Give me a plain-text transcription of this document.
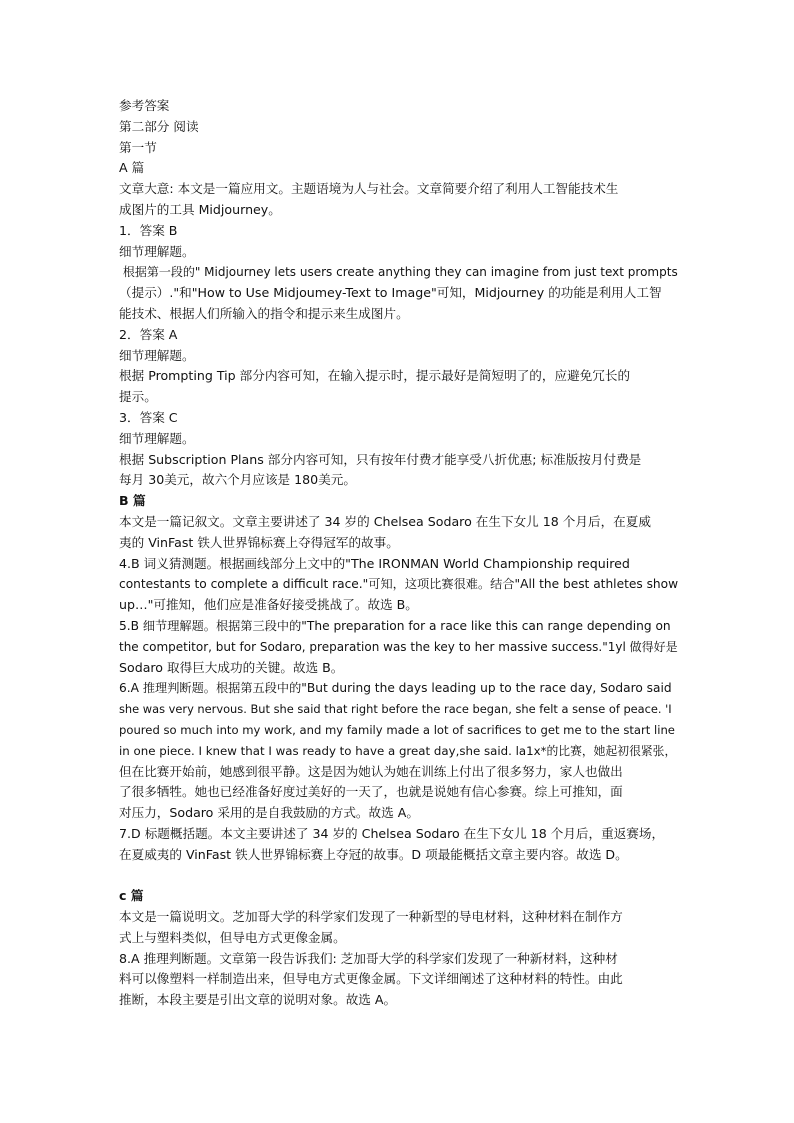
参考答案
第二部分 阅读
第一节
A 篇
文章大意: 本文是一篇应用文。主题语境为人与社会。文章简要介绍了利用人工智能技术生
成图片的工具 Midjourney。
1．答案 B
细节理解题。
根据第一段的" Midjourney lets users create anything they can imagine from just text prompts
（提示）."和"How to Use Midjoumey-Text to Image"可知，Midjourney 的功能是利用人工智
能技术、根据人们所输入的指令和提示来生成图片。
2．答案 A
细节理解题。
根据 Prompting Tip 部分内容可知，在输入提示时，提示最好是简短明了的，应避免冗长的
提示。
3．答案 C
细节理解题。
根据 Subscription Plans 部分内容可知，只有按年付费才能享受八折优惠; 标准版按月付费是
每月 30美元，故六个月应该是 180美元。
B 篇
本文是一篇记叙文。文章主要讲述了 34 岁的 Chelsea Sodaro 在生下女儿 18 个月后，在夏威
夷的 VinFast 铁人世界锦标赛上夺得冠军的故事。
4.B 词义猜测题。根据画线部分上文中的"The IRONMAN World Championship required
contestants to complete a difficult race."可知，这项比赛很难。结合"All the best athletes show
up…"可推知，他们应是准备好接受挑战了。故选 B。
5.B 细节理解题。根据第三段中的"The preparation for a race like this can range depending on
the competitor, but for Sodaro, preparation was the key to her massive success."1yl 做得好是
Sodaro 取得巨大成功的关键。故选 B。
6.A 推理判断题。根据第五段中的"But during the days leading up to the race day, Sodaro said
she was very nervous. But she said that right before the race began, she felt a sense of peace. 'I
poured so much into my work, and my family made a lot of sacrifices to get me to the start line
in one piece. I knew that I was ready to have a great day,she said. la1x*的比赛，她起初很紧张，
但在比赛开始前，她感到很平静。这是因为她认为她在训练上付出了很多努力，家人也做出
了很多牺牲。她也已经准备好度过美好的一天了，也就是说她有信心参赛。综上可推知，面
对压力，Sodaro 采用的是自我鼓励的方式。故选 A。
7.D 标题概括题。本文主要讲述了 34 岁的 Chelsea Sodaro 在生下女儿 18 个月后，重返赛场，
在夏威夷的 VinFast 铁人世界锦标赛上夺冠的故事。D 项最能概括文章主要内容。故选 D。
c 篇
本文是一篇说明文。芝加哥大学的科学家们发现了一种新型的导电材料，这种材料在制作方
式上与塑料类似，但导电方式更像金属。
8.A 推理判断题。文章第一段告诉我们: 芝加哥大学的科学家们发现了一种新材料，这种材
料可以像塑料一样制造出来，但导电方式更像金属。下文详细阐述了这种材料的特性。由此
推断，本段主要是引出文章的说明对象。故选 A。
